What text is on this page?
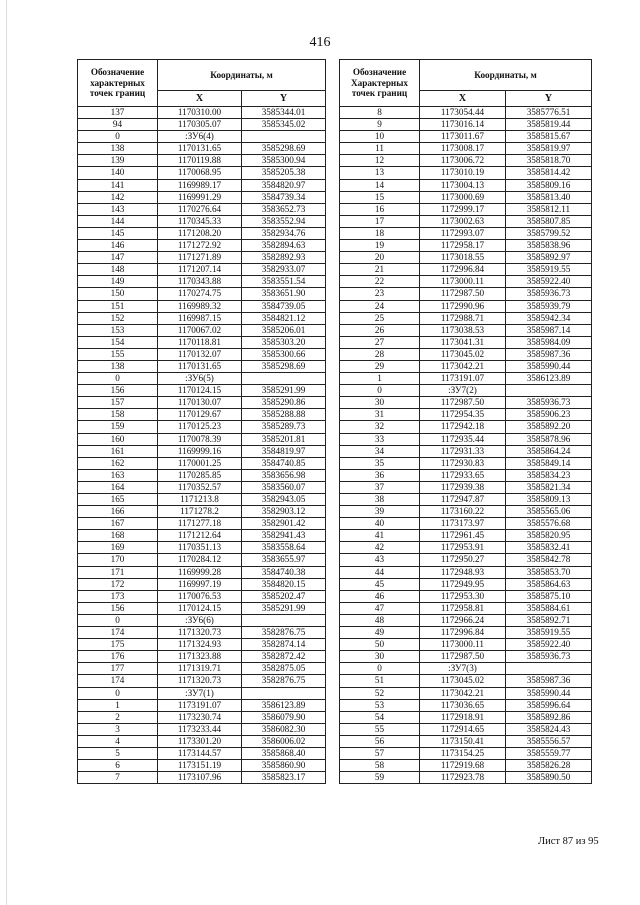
416
Обозначение
характерных
точек границ	Координаты, м	
	X	Y
137	1170310.00	3585344.01
94	1170305.07	3585345.02
0	:ЗУ6(4)	
138	1170131.65	3585298.69
139	1170119.88	3585300.94
140	1170068.95	3585205.38
141	1169989.17	3584820.97
142	1169991.29	3584739.34
143	1170276.64	3583652.73
144	1170345.33	3583552.94
145	1171208.20	3582934.76
146	1171272.92	3582894.63
147	1171271.89	3582892.93
148	1171207.14	3582933.07
149	1170343.88	3583551.54
150	1170274.75	3583651.90
151	1169989.32	3584739.05
152	1169987.15	3584821.12
153	1170067.02	3585206.01
154	1170118.81	3585303.20
155	1170132.07	3585300.66
138	1170131.65	3585298.69
0	:ЗУ6(5)	
156	1170124.15	3585291.99
157	1170130.07	3585290.86
158	1170129.67	3585288.88
159	1170125.23	3585289.73
160	1170078.39	3585201.81
161	1169999.16	3584819.97
162	1170001.25	3584740.85
163	1170285.85	3583656.98
164	1170352.57	3583560.07
165	1171213.8	3582943.05
166	1171278.2	3582903.12
167	1171277.18	3582901.42
168	1171212.64	3582941.43
169	1170351.13	3583558.64
170	1170284.12	3583655.97
171	1169999.28	3584740.38
172	1169997.19	3584820.15
173	1170076.53	3585202.47
156	1170124.15	3585291.99
0	:ЗУ6(6)	
174	1171320.73	3582876.75
175	1171324.93	3582874.14
176	1171323.88	3582872.42
177	1171319.71	3582875.05
174	1171320.73	3582876.75
0	:ЗУ7(1)	
1	1173191.07	3586123.89
2	1173230.74	3586079.90
3	1173233.44	3586082.30
4	1173301.20	3586006.02
5	1173144.57	3585868.40
6	1173151.19	3585860.90
7	1173107.96	3585823.17
Обозначение
Характерных
точек границ	Координаты, м	
	X	Y
8	1173054.44	3585776.51
9	1173016.14	3585819.44
10	1173011.67	3585815.67
11	1173008.17	3585819.97
12	1173006.72	3585818.70
13	1173010.19	3585814.42
14	1173004.13	3585809.16
15	1173000.69	3585813.40
16	1172999.17	3585812.11
17	1173002.63	3585807.85
18	1172993.07	3585799.52
19	1172958.17	3585838.96
20	1173018.55	3585892.97
21	1172996.84	3585919.55
22	1173000.11	3585922.40
23	1172987.50	3585936.73
24	1172990.96	3585939.79
25	1172988.71	3585942.34
26	1173038.53	3585987.14
27	1173041.31	3585984.09
28	1173045.02	3585987.36
29	1173042.21	3585990.44
1	1173191.07	3586123.89
0	:ЗУ7(2)	
30	1172987.50	3585936.73
31	1172954.35	3585906.23
32	1172942.18	3585892.20
33	1172935.44	3585878.96
34	1172931.33	3585864.24
35	1172930.83	3585849.14
36	1172933.65	3585834.23
37	1172939.38	3585821.34
38	1172947.87	3585809.13
39	1173160.22	3585565.06
40	1173173.97	3585576.68
41	1172961.45	3585820.95
42	1172953.91	3585832.41
43	1172950.27	3585842.78
44	1172948.93	3585853.70
45	1172949.95	3585864.63
46	1172953.30	3585875.10
47	1172958.81	3585884.61
48	1172966.24	3585892.71
49	1172996.84	3585919.55
50	1173000.11	3585922.40
30	1172987.50	3585936.73
0	:ЗУ7(3)	
51	1173045.02	3585987.36
52	1173042.21	3585990.44
53	1173036.65	3585996.64
54	1172918.91	3585892.86
55	1172914.65	3585824.43
56	1173150.41	3585556.57
57	1173154.25	3585559.77
58	1172919.68	3585826.28
59	1172923.78	3585890.50
Лист 87 из 95
